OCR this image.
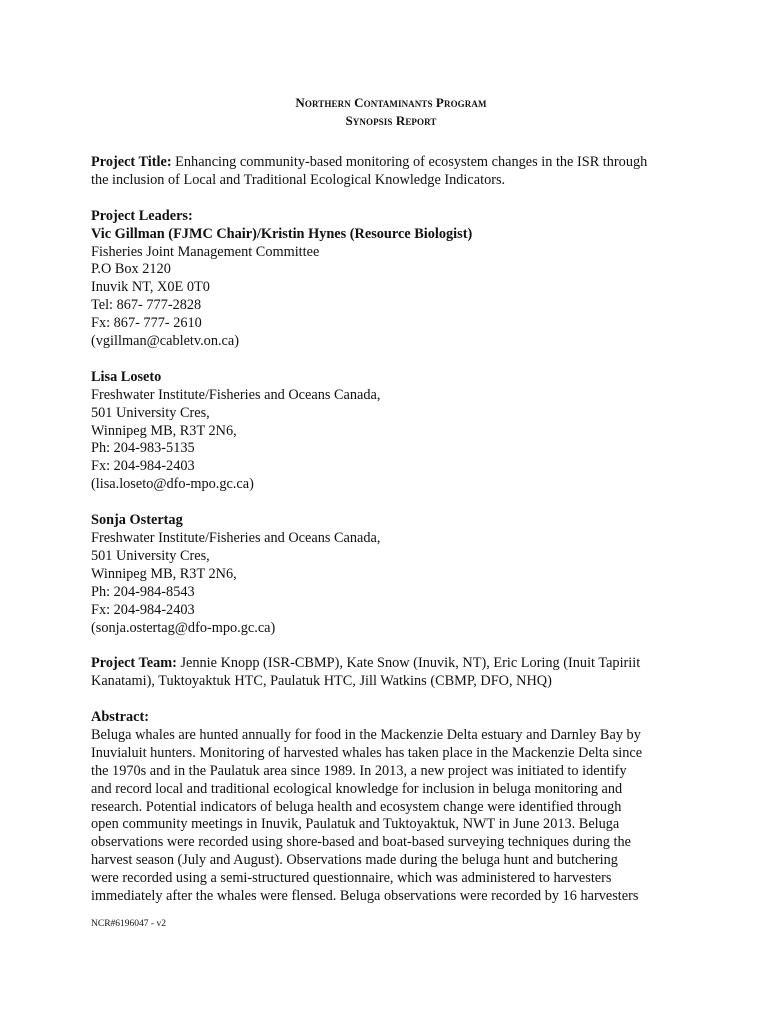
Northern Contaminants Program
Synopsis Report

Project Title: Enhancing community-based monitoring of ecosystem changes in the ISR through

the inclusion of Local and Traditional Ecological Knowledge Indicators.

Project Leaders:

Vic Gillman (FJMC Chair)/Kristin Hynes (Resource Biologist)

Fisheries Joint Management Committee

P.O Box 2120

Inuvik NT, X0E 0T0

Tel: 867- 777-2828

Fx: 867- 777- 2610

(vgillman@cabletv.on.ca)

Lisa Loseto

Freshwater Institute/Fisheries and Oceans Canada,

501 University Cres,

Winnipeg MB, R3T 2N6,

Ph: 204-983-5135

Fx: 204-984-2403

(lisa.loseto@dfo-mpo.gc.ca)

Sonja Ostertag

Freshwater Institute/Fisheries and Oceans Canada,

501 University Cres,

Winnipeg MB, R3T 2N6,

Ph: 204-984-8543

Fx: 204-984-2403

(sonja.ostertag@dfo-mpo.gc.ca)

Project Team: Jennie Knopp (ISR-CBMP), Kate Snow (Inuvik, NT), Eric Loring (Inuit Tapiriit

Kanatami), Tuktoyaktuk HTC, Paulatuk HTC, Jill Watkins (CBMP, DFO, NHQ)

Abstract:

Beluga whales are hunted annually for food in the Mackenzie Delta estuary and Darnley Bay by

Inuvialuit hunters. Monitoring of harvested whales has taken place in the Mackenzie Delta since

the 1970s and in the Paulatuk area since 1989. In 2013, a new project was initiated to identify

and record local and traditional ecological knowledge for inclusion in beluga monitoring and

research. Potential indicators of beluga health and ecosystem change were identified through

open community meetings in Inuvik, Paulatuk and Tuktoyaktuk, NWT in June 2013. Beluga

observations were recorded using shore-based and boat-based surveying techniques during the

harvest season (July and August). Observations made during the beluga hunt and butchering

were recorded using a semi-structured questionnaire, which was administered to harvesters

immediately after the whales were flensed. Beluga observations were recorded by 16 harvesters

NCR#6196047 - v2
